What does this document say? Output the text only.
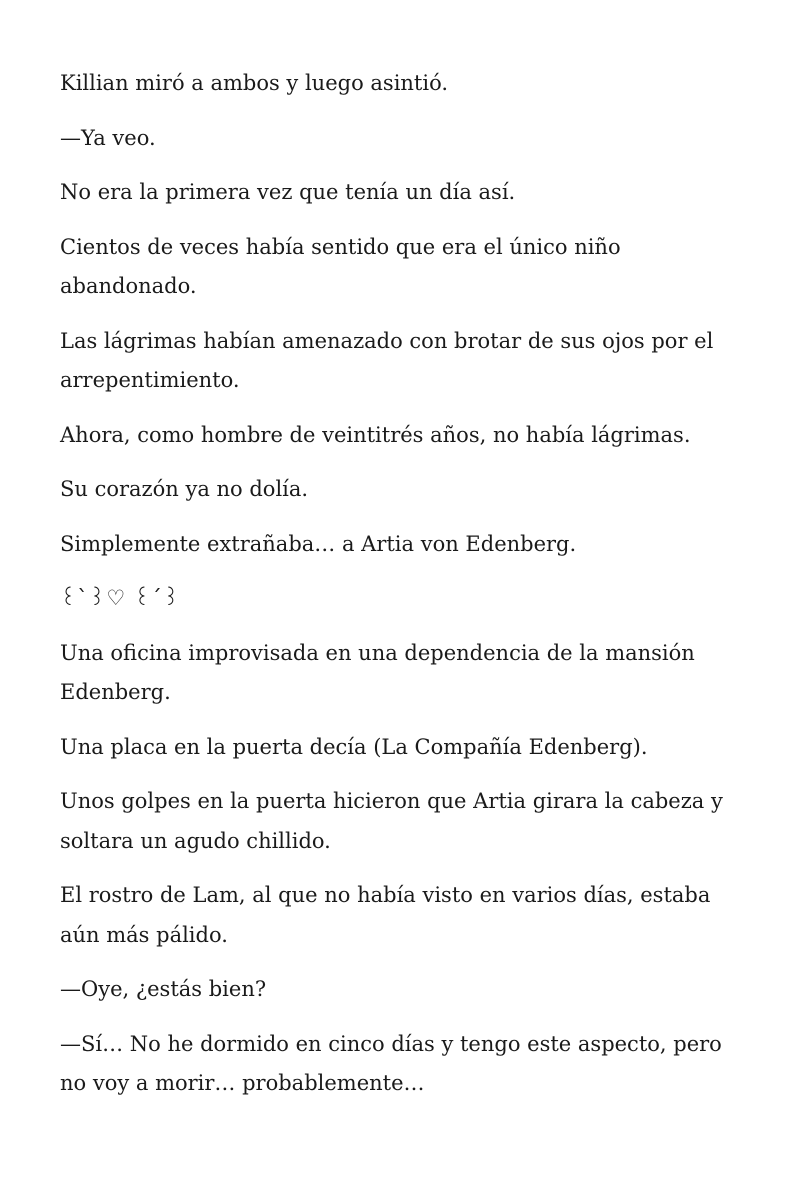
Killian miró a ambos y luego asintió.

—Ya veo.

No era la primera vez que tenía un día así.

Cientos de veces había sentido que era el único niño abandonado.

Las lágrimas habían amenazado con brotar de sus ojos por el arrepentimiento.

Ahora, como hombre de veintitrés años, no había lágrimas.

Su corazón ya no dolía.

Simplemente extrañaba… a Artia von Edenberg.

꒰`꒱♡ ꒰´꒱

Una oficina improvisada en una dependencia de la mansión Edenberg.

Una placa en la puerta decía (La Compañía Edenberg).

Unos golpes en la puerta hicieron que Artia girara la cabeza y soltara un agudo chillido.

El rostro de Lam, al que no había visto en varios días, estaba aún más pálido.

—Oye, ¿estás bien?

—Sí… No he dormido en cinco días y tengo este aspecto, pero no voy a morir… probablemente…
